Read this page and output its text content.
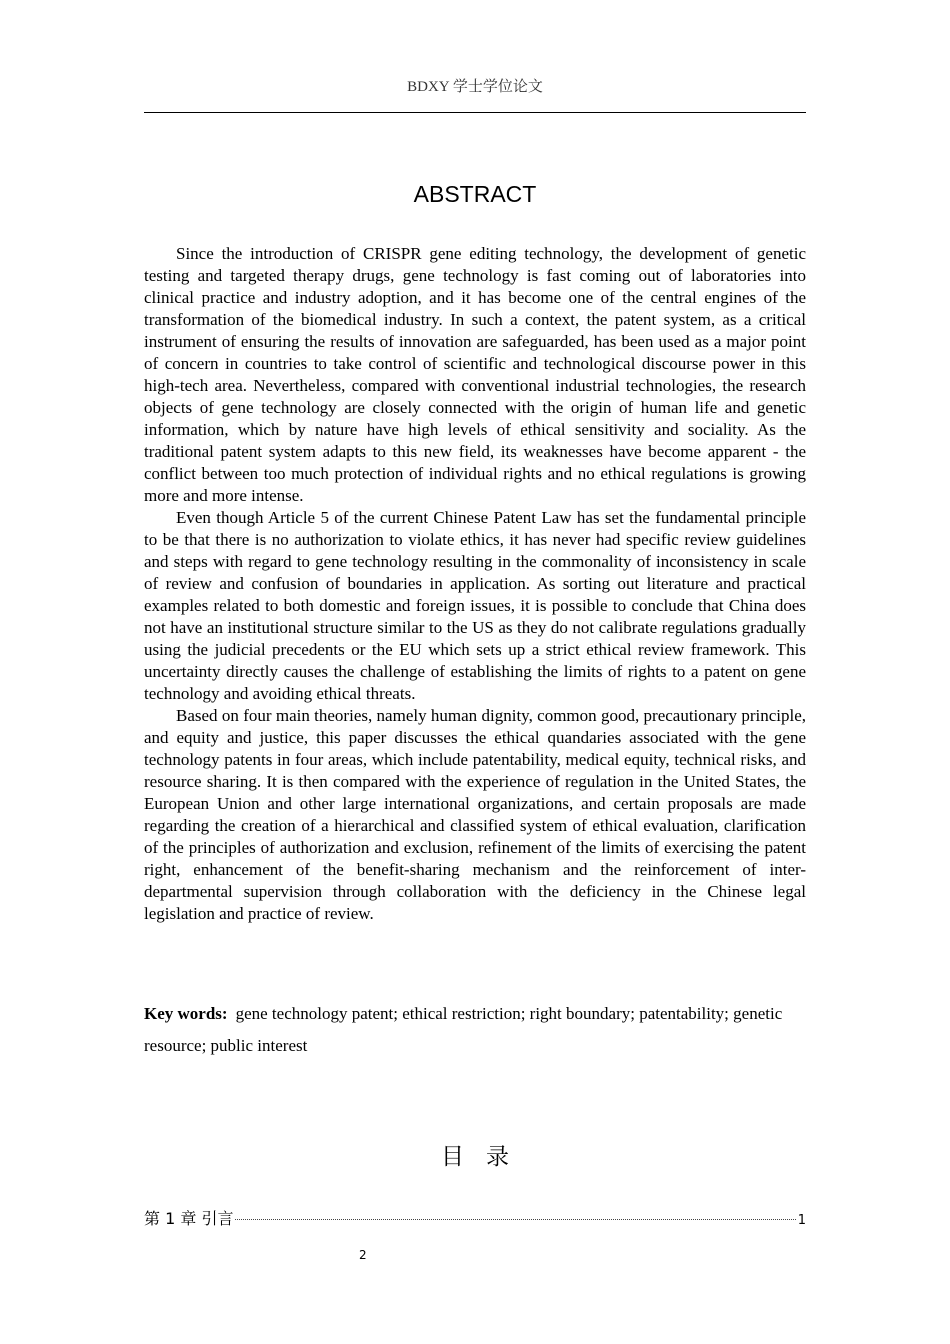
BDXY 学士学位论文
ABSTRACT

Since the introduction of CRISPR gene editing technology, the development of genetic testing and targeted therapy drugs, gene technology is fast coming out of laboratories into clinical practice and industry adoption, and it has become one of the central engines of the transformation of the biomedical industry. In such a context, the patent system, as a critical instrument of ensuring the results of innovation are safeguarded, has been used as a major point of concern in countries to take control of scientific and technological discourse power in this high-tech area. Nevertheless, compared with conventional industrial technologies, the research objects of gene technology are closely connected with the origin of human life and genetic information, which by nature have high levels of ethical sensitivity and sociality. As the traditional patent system adapts to this new field, its weaknesses have become apparent - the conflict between too much protection of individual rights and no ethical regulations is growing more and more intense.

Even though Article 5 of the current Chinese Patent Law has set the fundamental principle to be that there is no authorization to violate ethics, it has never had specific review guidelines and steps with regard to gene technology resulting in the commonality of inconsistency in scale of review and confusion of boundaries in application. As sorting out literature and practical examples related to both domestic and foreign issues, it is possible to conclude that China does not have an institutional structure similar to the US as they do not calibrate regulations gradually using the judicial precedents or the EU which sets up a strict ethical review framework. This uncertainty directly causes the challenge of establishing the limits of rights to a patent on gene technology and avoiding ethical threats.

Based on four main theories, namely human dignity, common good, precautionary principle, and equity and justice, this paper discusses the ethical quandaries associated with the gene technology patents in four areas, which include patentability, medical equity, technical risks, and resource sharing. It is then compared with the experience of regulation in the United States, the European Union and other large international organizations, and certain proposals are made regarding the creation of a hierarchical and classified system of ethical evaluation, clarification of the principles of authorization and exclusion, refinement of the limits of exercising the patent right, enhancement of the benefit-sharing mechanism and the reinforcement of inter-departmental supervision through collaboration with the deficiency in the Chinese legal legislation and practice of review.

Key words: gene technology patent; ethical restriction; right boundary; patentability; genetic resource; public interest
目录
第 1 章 引言	1
2
